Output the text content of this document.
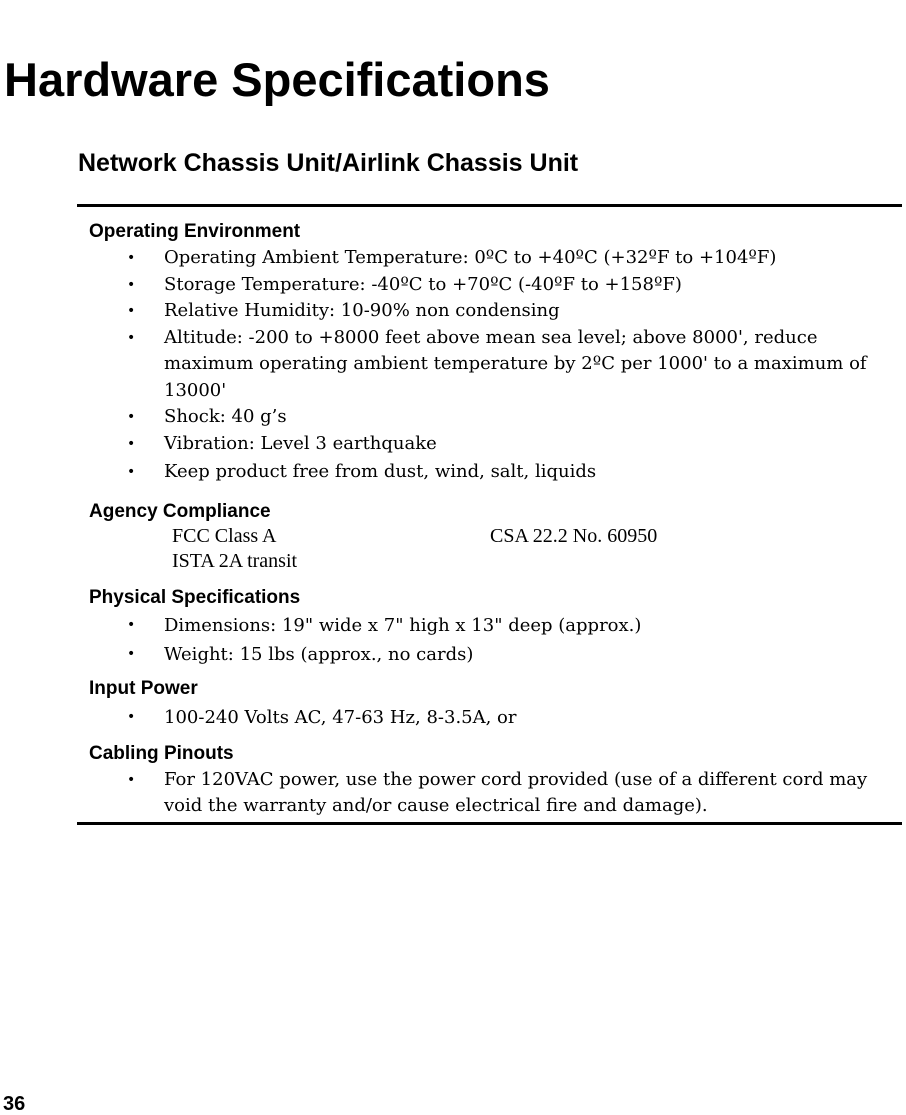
Hardware Specifications
Network Chassis Unit/Airlink Chassis Unit
Operating Environment
• Operating Ambient Temperature: 0ºC to +40ºC (+32ºF to +104ºF)
• Storage Temperature: -40ºC to +70ºC (-40ºF to +158ºF)
• Relative Humidity: 10-90% non condensing
• Altitude: -200 to +8000 feet above mean sea level; above 8000', reduce maximum operating ambient temperature by 2ºC per 1000' to a maximum of 13000'
• Shock: 40 g’s
• Vibration: Level 3 earthquake
• Keep product free from dust, wind, salt, liquids
Agency Compliance
FCC Class A	CSA 22.2 No. 60950
ISTA 2A transit
Physical Specifications
• Dimensions: 19" wide x 7" high x 13" deep (approx.)
• Weight: 15 lbs (approx., no cards)
Input Power
• 100-240 Volts AC, 47-63 Hz, 8-3.5A, or
Cabling Pinouts
• For 120VAC power, use the power cord provided (use of a different cord may void the warranty and/or cause electrical fire and damage).
36
